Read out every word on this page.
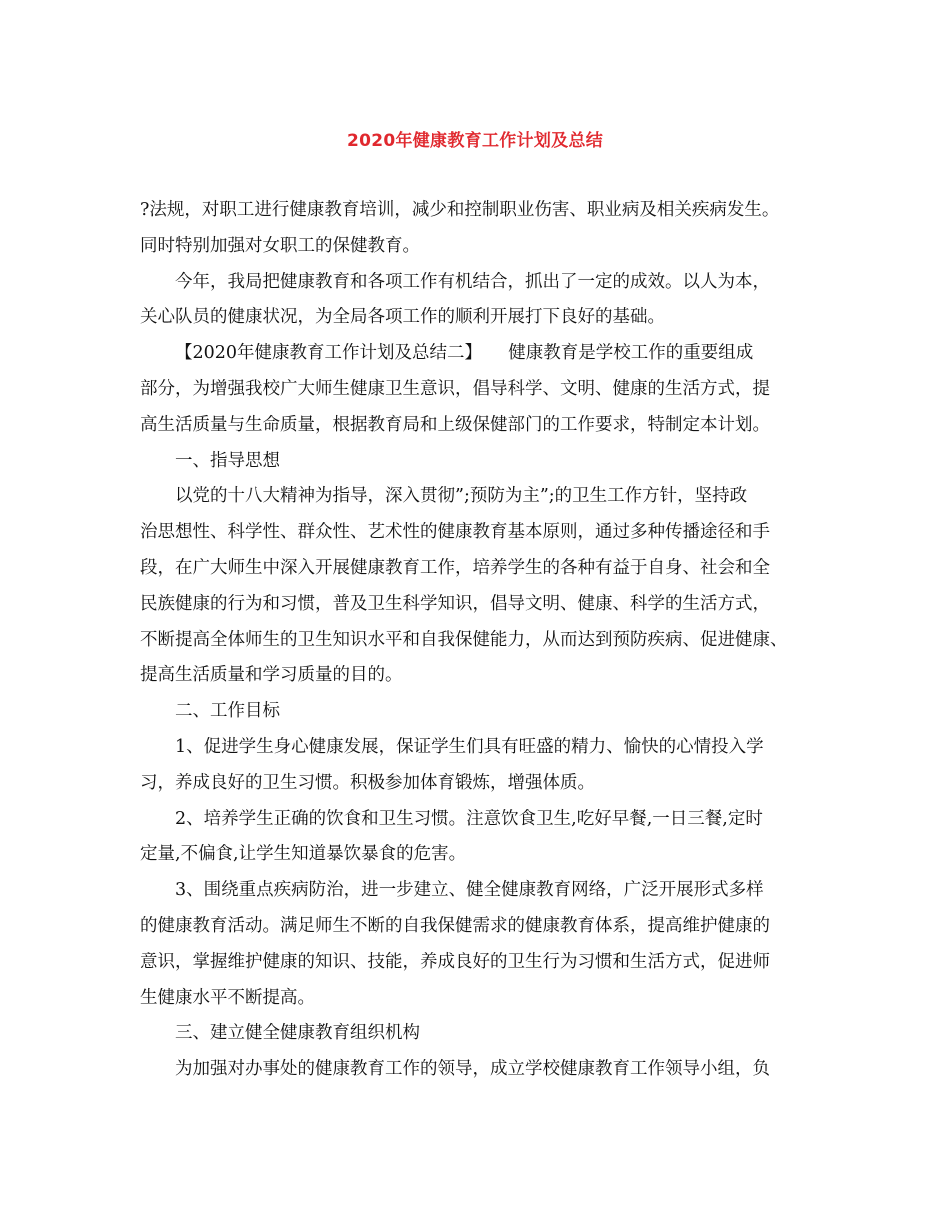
2020年健康教育工作计划及总结
?法规，对职工进行健康教育培训，减少和控制职业伤害、职业病及相关疾病发生。
同时特别加强对女职工的保健教育。
今年，我局把健康教育和各项工作有机结合，抓出了一定的成效。以人为本，
关心队员的健康状况，为全局各项工作的顺利开展打下良好的基础。
【2020年健康教育工作计划及总结二】　　健康教育是学校工作的重要组成
部分，为增强我校广大师生健康卫生意识，倡导科学、文明、健康的生活方式，提
高生活质量与生命质量，根据教育局和上级保健部门的工作要求，特制定本计划。
一、指导思想
以党的十八大精神为指导，深入贯彻”;预防为主”;的卫生工作方针，坚持政
治思想性、科学性、群众性、艺术性的健康教育基本原则，通过多种传播途径和手
段，在广大师生中深入开展健康教育工作，培养学生的各种有益于自身、社会和全
民族健康的行为和习惯，普及卫生科学知识，倡导文明、健康、科学的生活方式，
不断提高全体师生的卫生知识水平和自我保健能力，从而达到预防疾病、促进健康、
提高生活质量和学习质量的目的。
二、工作目标
1、促进学生身心健康发展，保证学生们具有旺盛的精力、愉快的心情投入学
习，养成良好的卫生习惯。积极参加体育锻炼，增强体质。
2、培养学生正确的饮食和卫生习惯。注意饮食卫生,吃好早餐,一日三餐,定时
定量,不偏食,让学生知道暴饮暴食的危害。
3、围绕重点疾病防治，进一步建立、健全健康教育网络，广泛开展形式多样
的健康教育活动。满足师生不断的自我保健需求的健康教育体系，提高维护健康的
意识，掌握维护健康的知识、技能，养成良好的卫生行为习惯和生活方式，促进师
生健康水平不断提高。
三、建立健全健康教育组织机构
为加强对办事处的健康教育工作的领导，成立学校健康教育工作领导小组，负
